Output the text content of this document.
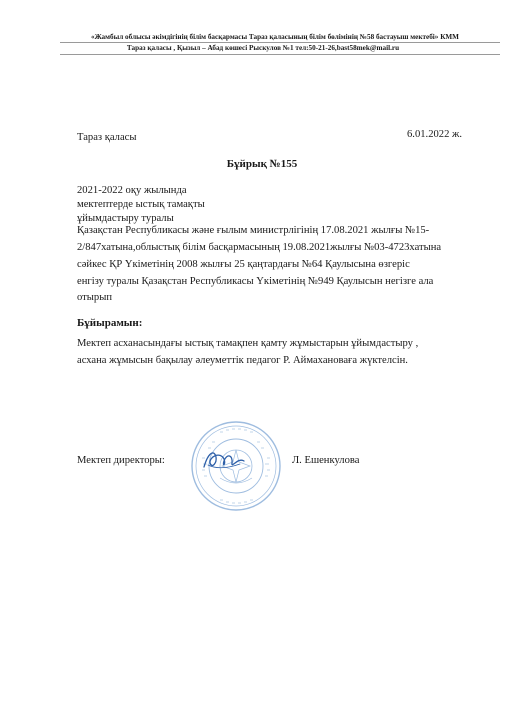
«Жамбыл облысы әкімдігінің білім басқармасы Тараз қаласының білім бөлімінің №58 бастауыш мектебі» КММ
Тараз қаласы , Қызыл – Абад көшесі Рыскулов №1 тел:50-21-26,bast58mek@mail.ru
Тараз қаласы	6.01.2022 ж.
Бұйрық №155
2021-2022 оқу жылында
мектептерде ыстық тамақты
ұйымдастыру туралы
Қазақстан Республикасы және ғылым министрлігінің 17.08.2021 жылғы №15-
2/847хатына,облыстық білім басқармасының 19.08.2021жылғы №03-4723хатына
сәйкес ҚР Үкіметінің 2008 жылғы 25 қаңтардағы №64 Қаулысына өзгеріс
енгізу туралы Қазақстан Республикасы Үкіметінің №949 Қаулысын негізге ала
отырып
Бұйырамын:
Мектеп асханасындағы ыстық тамақпен қамту жұмыстарын ұйымдастыру ,
асхана жұмысын бақылау әлеуметтік педагог Р. Аймахановаға жүктелсін.
Мектеп директоры:	Л. Ешенкулова
